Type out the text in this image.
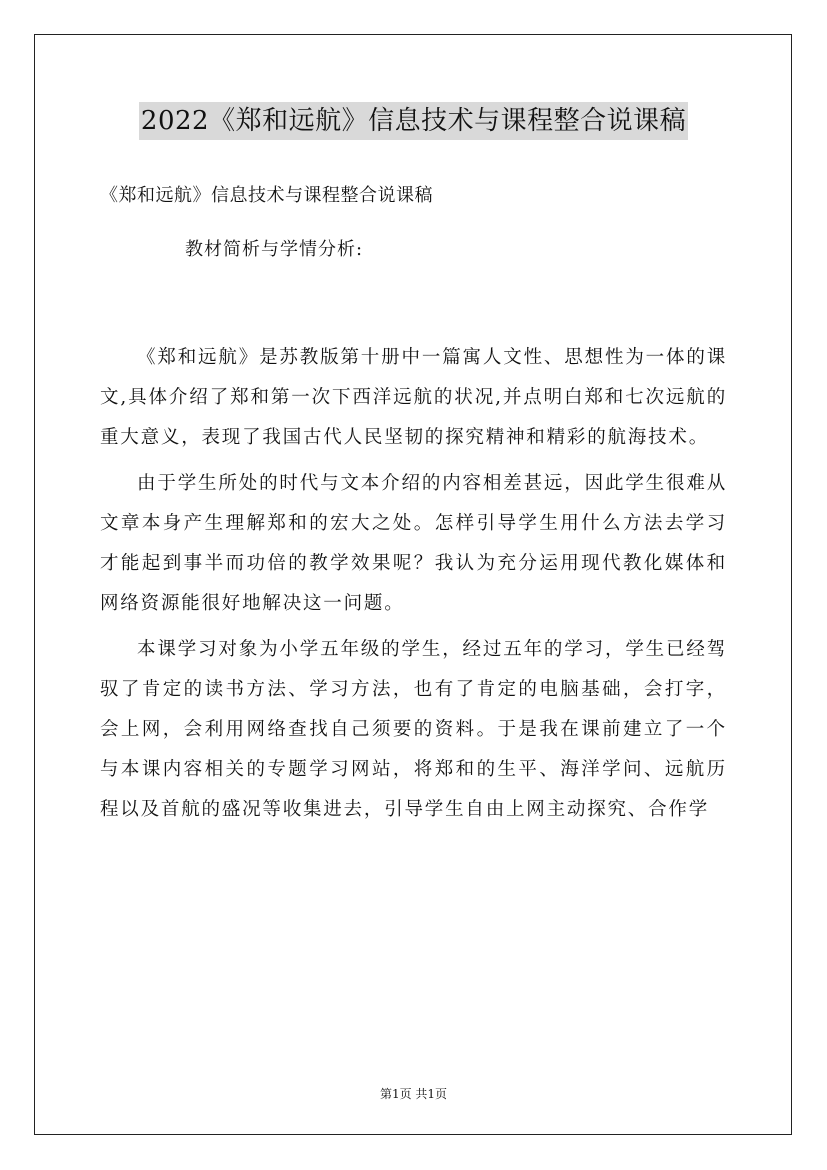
2022《郑和远航》信息技术与课程整合说课稿

《郑和远航》信息技术与课程整合说课稿

教材简析与学情分析:

《郑和远航》是苏教版第十册中一篇寓人文性、思想性为一体的课文,具体介绍了郑和第一次下西洋远航的状况,并点明白郑和七次远航的重大意义，表现了我国古代人民坚韧的探究精神和精彩的航海技术。

由于学生所处的时代与文本介绍的内容相差甚远，因此学生很难从文章本身产生理解郑和的宏大之处。怎样引导学生用什么方法去学习才能起到事半而功倍的教学效果呢？我认为充分运用现代教化媒体和网络资源能很好地解决这一问题。

本课学习对象为小学五年级的学生，经过五年的学习，学生已经驾驭了肯定的读书方法、学习方法，也有了肯定的电脑基础，会打字，会上网，会利用网络查找自己须要的资料。于是我在课前建立了一个与本课内容相关的专题学习网站，将郑和的生平、海洋学问、远航历程以及首航的盛况等收集进去，引导学生自由上网主动探究、合作学

第1页 共1页
